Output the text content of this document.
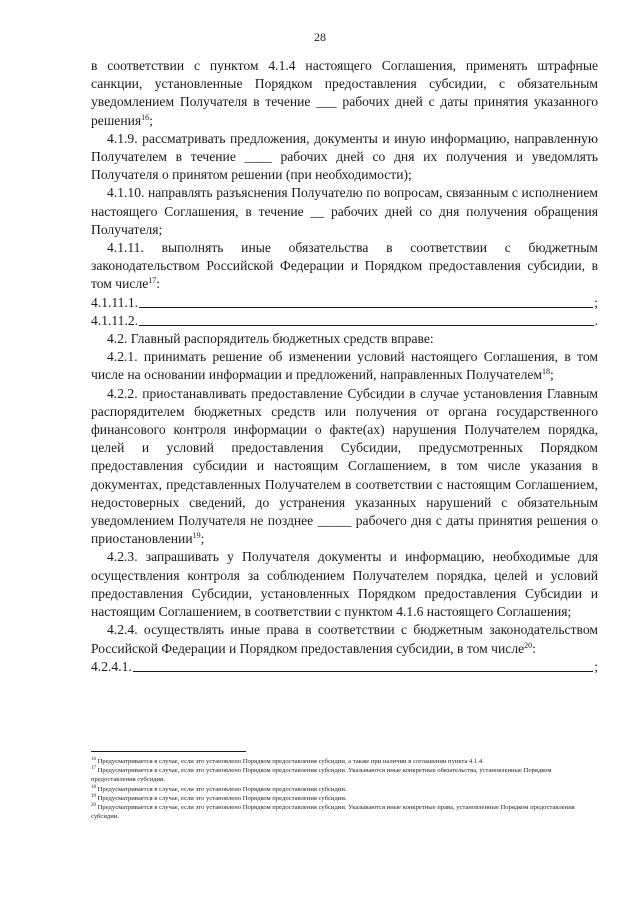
28

в соответствии с пунктом 4.1.4 настоящего Соглашения, применять штрафные санкции, установленные Порядком предоставления субсидии, с обязательным уведомлением Получателя в течение ___ рабочих дней с даты принятия указанного решения$^{16}$;

4.1.9. рассматривать предложения, документы и иную информацию, направленную Получателем в течение ____ рабочих дней со дня их получения и уведомлять Получателя о принятом решении (при необходимости);

4.1.10. направлять разъяснения Получателю по вопросам, связанным с исполнением настоящего Соглашения, в течение __ рабочих дней со дня получения обращения Получателя;

4.1.11. выполнять иные обязательства в соответствии с бюджетным законодательством Российской Федерации и Порядком предоставления субсидии, в том числе$^{17}$:

4.1.11.1.	;
4.1.11.2.	.

4.2. Главный распорядитель бюджетных средств вправе:

4.2.1. принимать решение об изменении условий настоящего Соглашения, в том числе на основании информации и предложений, направленных Получателем$^{18}$;

4.2.2. приостанавливать предоставление Субсидии в случае установления Главным распорядителем бюджетных средств или получения от органа государственного финансового контроля информации о факте(ах) нарушения Получателем порядка, целей и условий предоставления Субсидии, предусмотренных Порядком предоставления субсидии и настоящим Соглашением, в том числе указания в документах, представленных Получателем в соответствии с настоящим Соглашением, недостоверных сведений, до устранения указанных нарушений с обязательным уведомлением Получателя не позднее _____ рабочего дня с даты принятия решения о приостановлении$^{19}$;

4.2.3. запрашивать у Получателя документы и информацию, необходимые для осуществления контроля за соблюдением Получателем порядка, целей и условий предоставления Субсидии, установленных Порядком предоставления Субсидии и настоящим Соглашением, в соответствии с пунктом 4.1.6 настоящего Соглашения;

4.2.4. осуществлять иные права в соответствии с бюджетным законодательством Российской Федерации и Порядком предоставления субсидии, в том числе$^{20}$:

4.2.4.1.	;

$^{16}$ Предусматривается в случае, если это установлено Порядком предоставления субсидии, а также при наличии в соглашении пункта 4.1.4.

$^{17}$ Предусматривается в случае, если это установлено Порядком предоставления субсидии. Указываются иные конкретные обязательства, установленные Порядком предоставления субсидии.

$^{18}$ Предусматривается в случае, если это установлено Порядком предоставления субсидии.

$^{19}$ Предусматривается в случае, если это установлено Порядком предоставления субсидии.

$^{20}$ Предусматривается в случае, если это установлено Порядком предоставления субсидии. Указываются иные конкретные права, установленные Порядком предоставления субсидии.
